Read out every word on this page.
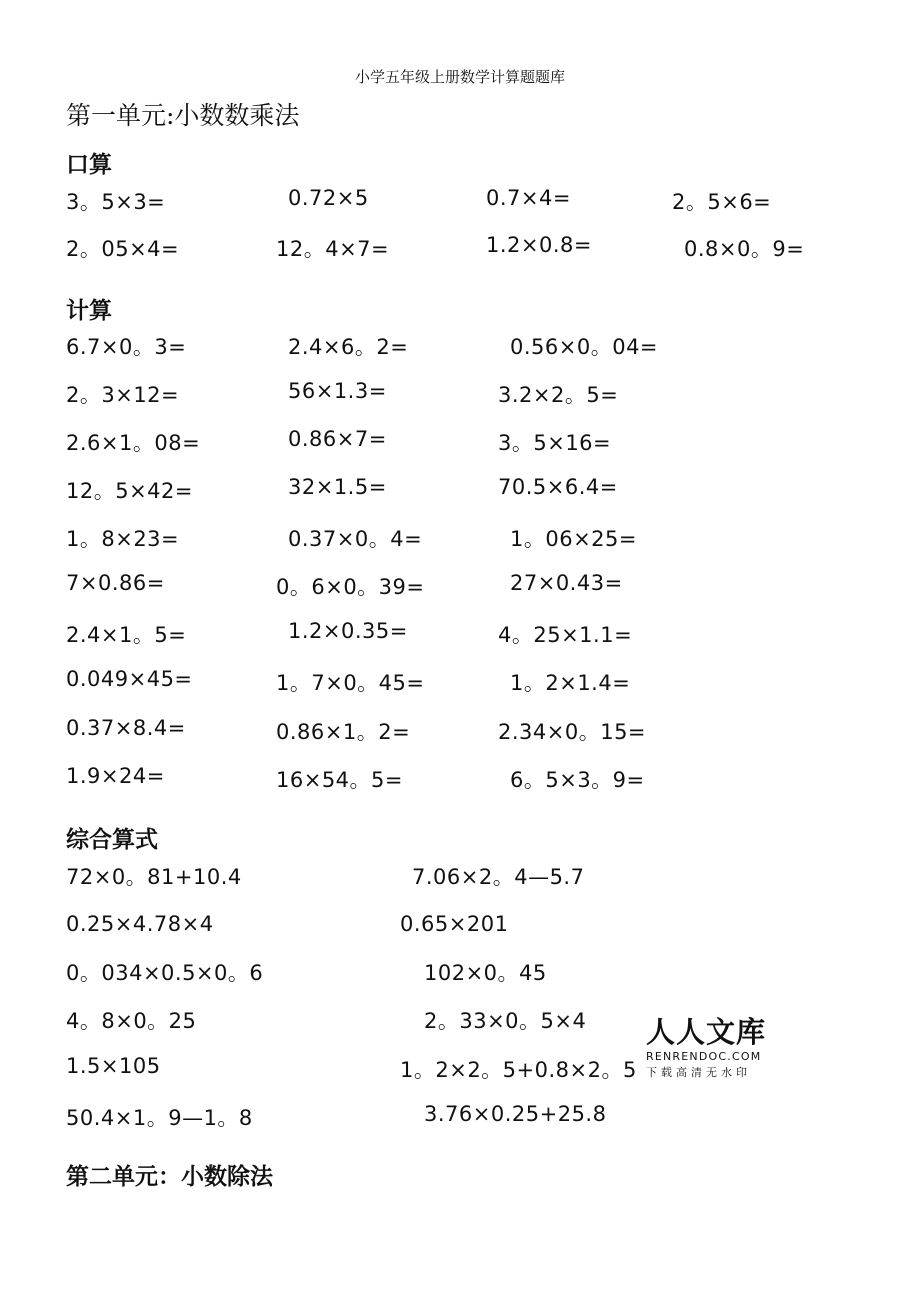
小学五年级上册数学计算题题库
第一单元:小数数乘法
口算
3。5×3=	0.72×5	0.7×4=	2。5×6=
2。05×4=	12。4×7=	1.2×0.8=	0.8×0。9=
计算
6.7×0。3=	2.4×6。2=	0.56×0。04=
2。3×12=	56×1.3=	3.2×2。5=
2.6×1。08=	0.86×7=	3。5×16=
12。5×42=	32×1.5=	70.5×6.4=
1。8×23=	0.37×0。4=	1。06×25=
7×0.86=	0。6×0。39=	27×0.43=
2.4×1。5=	1.2×0.35=	4。25×1.1=
0.049×45=	1。7×0。45=	1。2×1.4=
0.37×8.4=	0.86×1。2=	2.34×0。15=
1.9×24=	16×54。5=	6。5×3。9=
综合算式
72×0。81+10.4	7.06×2。4—5.7
0.25×4.78×4	0.65×201
0。034×0.5×0。6	102×0。45
4。8×0。25	2。33×0。5×4
1.5×105	1。2×2。5+0.8×2。5
50.4×1。9—1。8	3.76×0.25+25.8
第二单元：小数除法
人人文库
RENRENDOC.COM
下载高清无水印
